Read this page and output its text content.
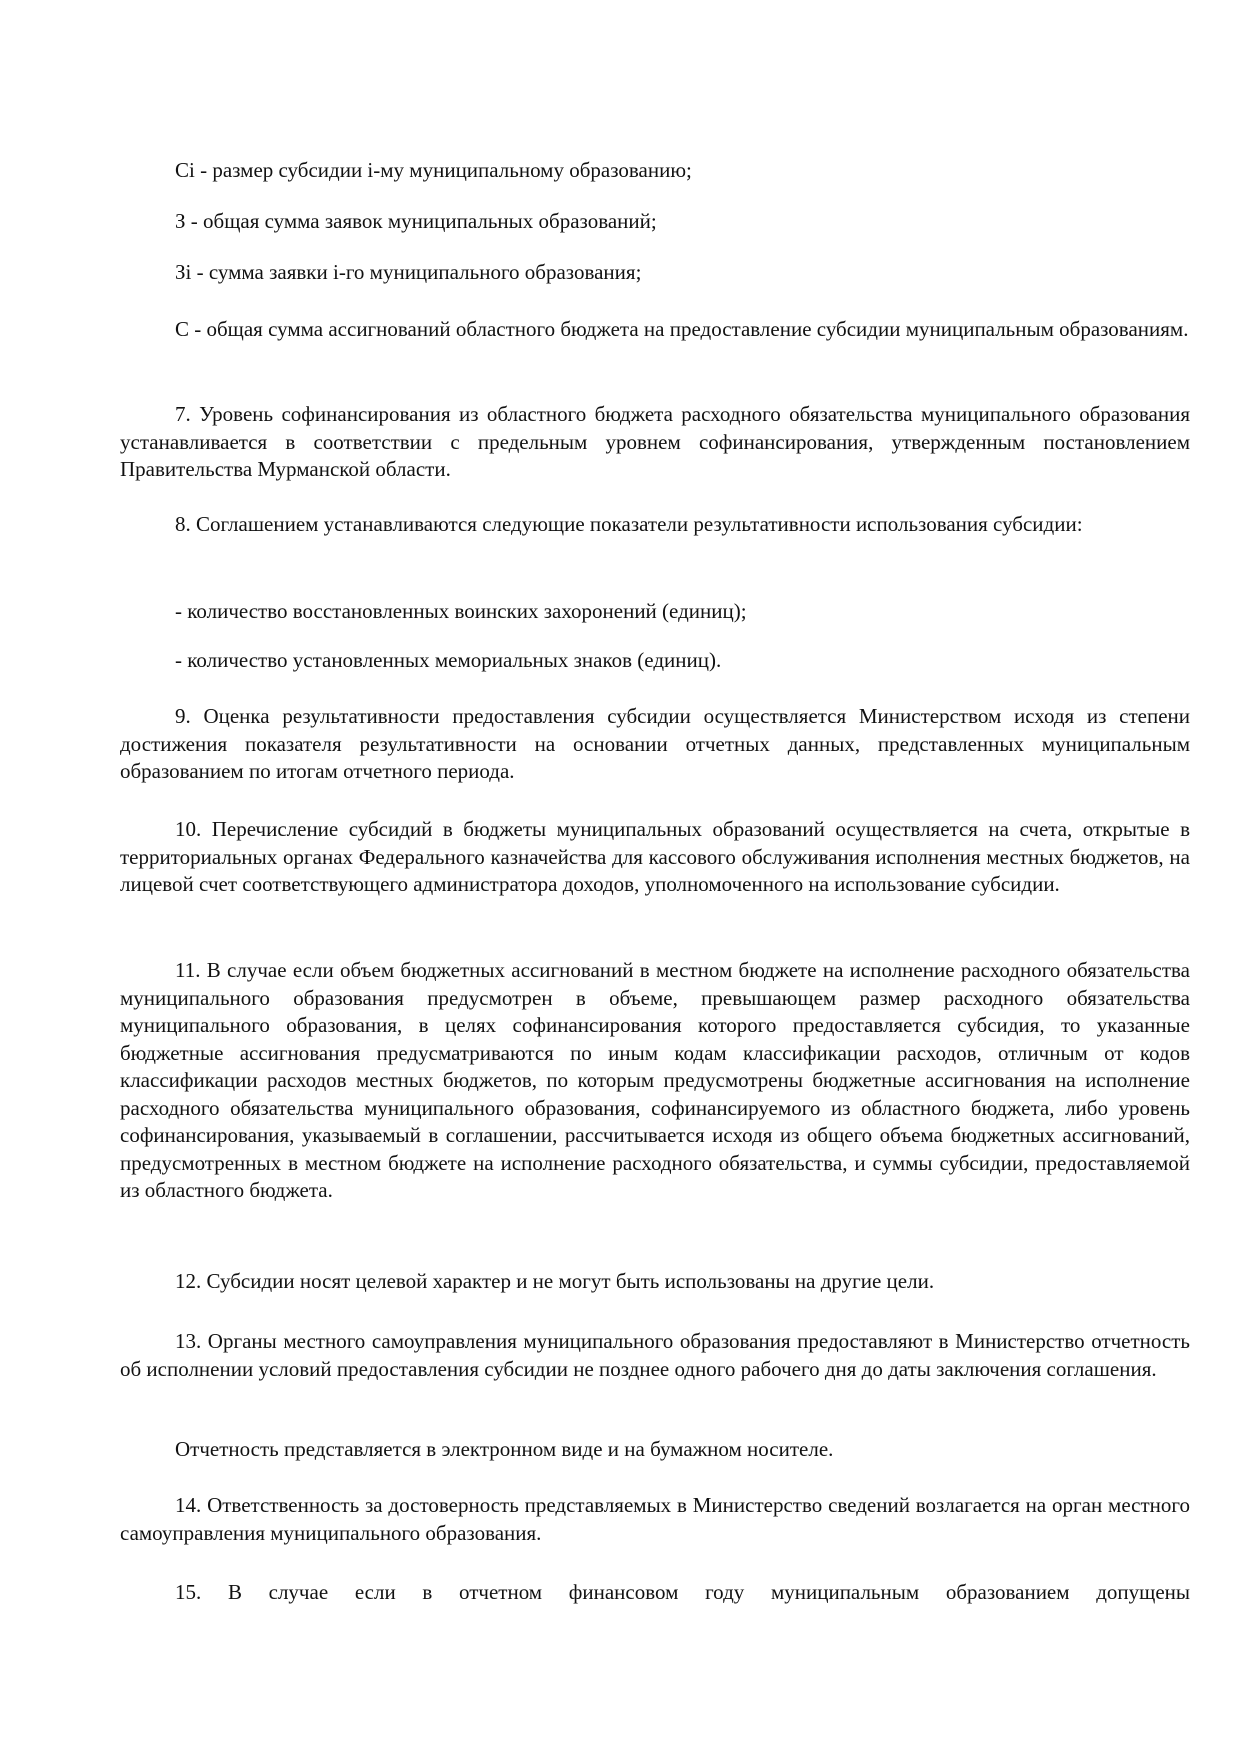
Сi - размер субсидии i-му муниципальному образованию;

З - общая сумма заявок муниципальных образований;

Зi - сумма заявки i-го муниципального образования;

С - общая сумма ассигнований областного бюджета на предоставление субсидии муниципальным образованиям.

7. Уровень софинансирования из областного бюджета расходного обязательства муниципального образования устанавливается в соответствии с предельным уровнем софинансирования, утвержденным постановлением Правительства Мурманской области.

8. Соглашением устанавливаются следующие показатели результативности использования субсидии:

- количество восстановленных воинских захоронений (единиц);

- количество установленных мемориальных знаков (единиц).

9. Оценка результативности предоставления субсидии осуществляется Министерством исходя из степени достижения показателя результативности на основании отчетных данных, представленных муниципальным образованием по итогам отчетного периода.

10. Перечисление субсидий в бюджеты муниципальных образований осуществляется на счета, открытые в территориальных органах Федерального казначейства для кассового обслуживания исполнения местных бюджетов, на лицевой счет соответствующего администратора доходов, уполномоченного на использование субсидии.

11. В случае если объем бюджетных ассигнований в местном бюджете на исполнение расходного обязательства муниципального образования предусмотрен в объеме, превышающем размер расходного обязательства муниципального образования, в целях софинансирования которого предоставляется субсидия, то указанные бюджетные ассигнования предусматриваются по иным кодам классификации расходов, отличным от кодов классификации расходов местных бюджетов, по которым предусмотрены бюджетные ассигнования на исполнение расходного обязательства муниципального образования, софинансируемого из областного бюджета, либо уровень софинансирования, указываемый в соглашении, рассчитывается исходя из общего объема бюджетных ассигнований, предусмотренных в местном бюджете на исполнение расходного обязательства, и суммы субсидии, предоставляемой из областного бюджета.

12. Субсидии носят целевой характер и не могут быть использованы на другие цели.

13. Органы местного самоуправления муниципального образования предоставляют в Министерство отчетность об исполнении условий предоставления субсидии не позднее одного рабочего дня до даты заключения соглашения.

Отчетность представляется в электронном виде и на бумажном носителе.

14. Ответственность за достоверность представляемых в Министерство сведений возлагается на орган местного самоуправления муниципального образования.

15. В случае если в отчетном финансовом году муниципальным образованием допущены
